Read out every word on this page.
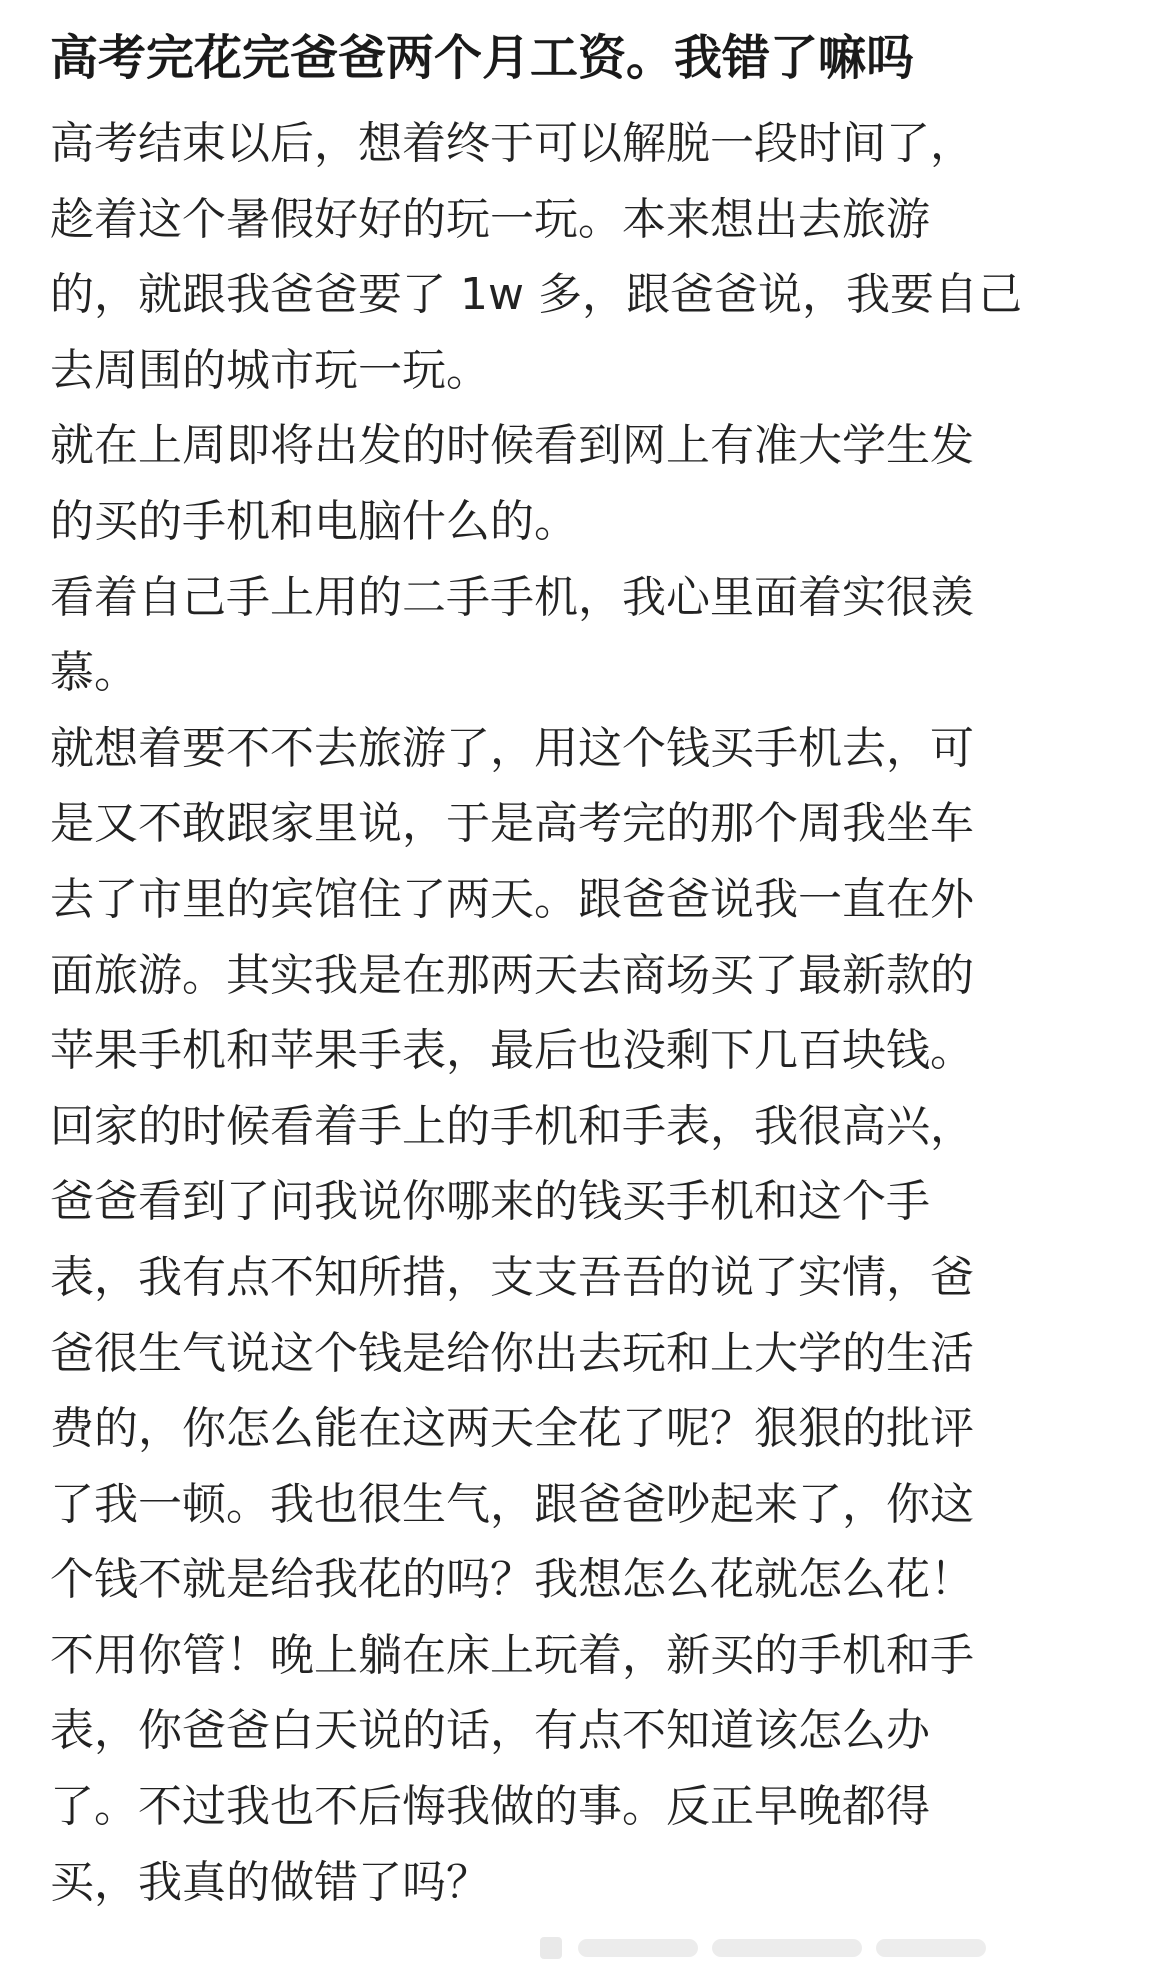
高考完花完爸爸两个月工资。我错了嘛吗
高考结束以后，想着终于可以解脱一段时间了，
趁着这个暑假好好的玩一玩。本来想出去旅游
的，就跟我爸爸要了 1w 多，跟爸爸说，我要自己
去周围的城市玩一玩。
就在上周即将出发的时候看到网上有准大学生发
的买的手机和电脑什么的。
看着自己手上用的二手手机，我心里面着实很羡
慕。
就想着要不不去旅游了，用这个钱买手机去，可
是又不敢跟家里说，于是高考完的那个周我坐车
去了市里的宾馆住了两天。跟爸爸说我一直在外
面旅游。其实我是在那两天去商场买了最新款的
苹果手机和苹果手表，最后也没剩下几百块钱。
回家的时候看着手上的手机和手表，我很高兴，
爸爸看到了问我说你哪来的钱买手机和这个手
表，我有点不知所措，支支吾吾的说了实情，爸
爸很生气说这个钱是给你出去玩和上大学的生活
费的，你怎么能在这两天全花了呢？狠狠的批评
了我一顿。我也很生气，跟爸爸吵起来了，你这
个钱不就是给我花的吗？我想怎么花就怎么花！
不用你管！晚上躺在床上玩着，新买的手机和手
表，你爸爸白天说的话，有点不知道该怎么办
了。不过我也不后悔我做的事。反正早晚都得
买，我真的做错了吗？
